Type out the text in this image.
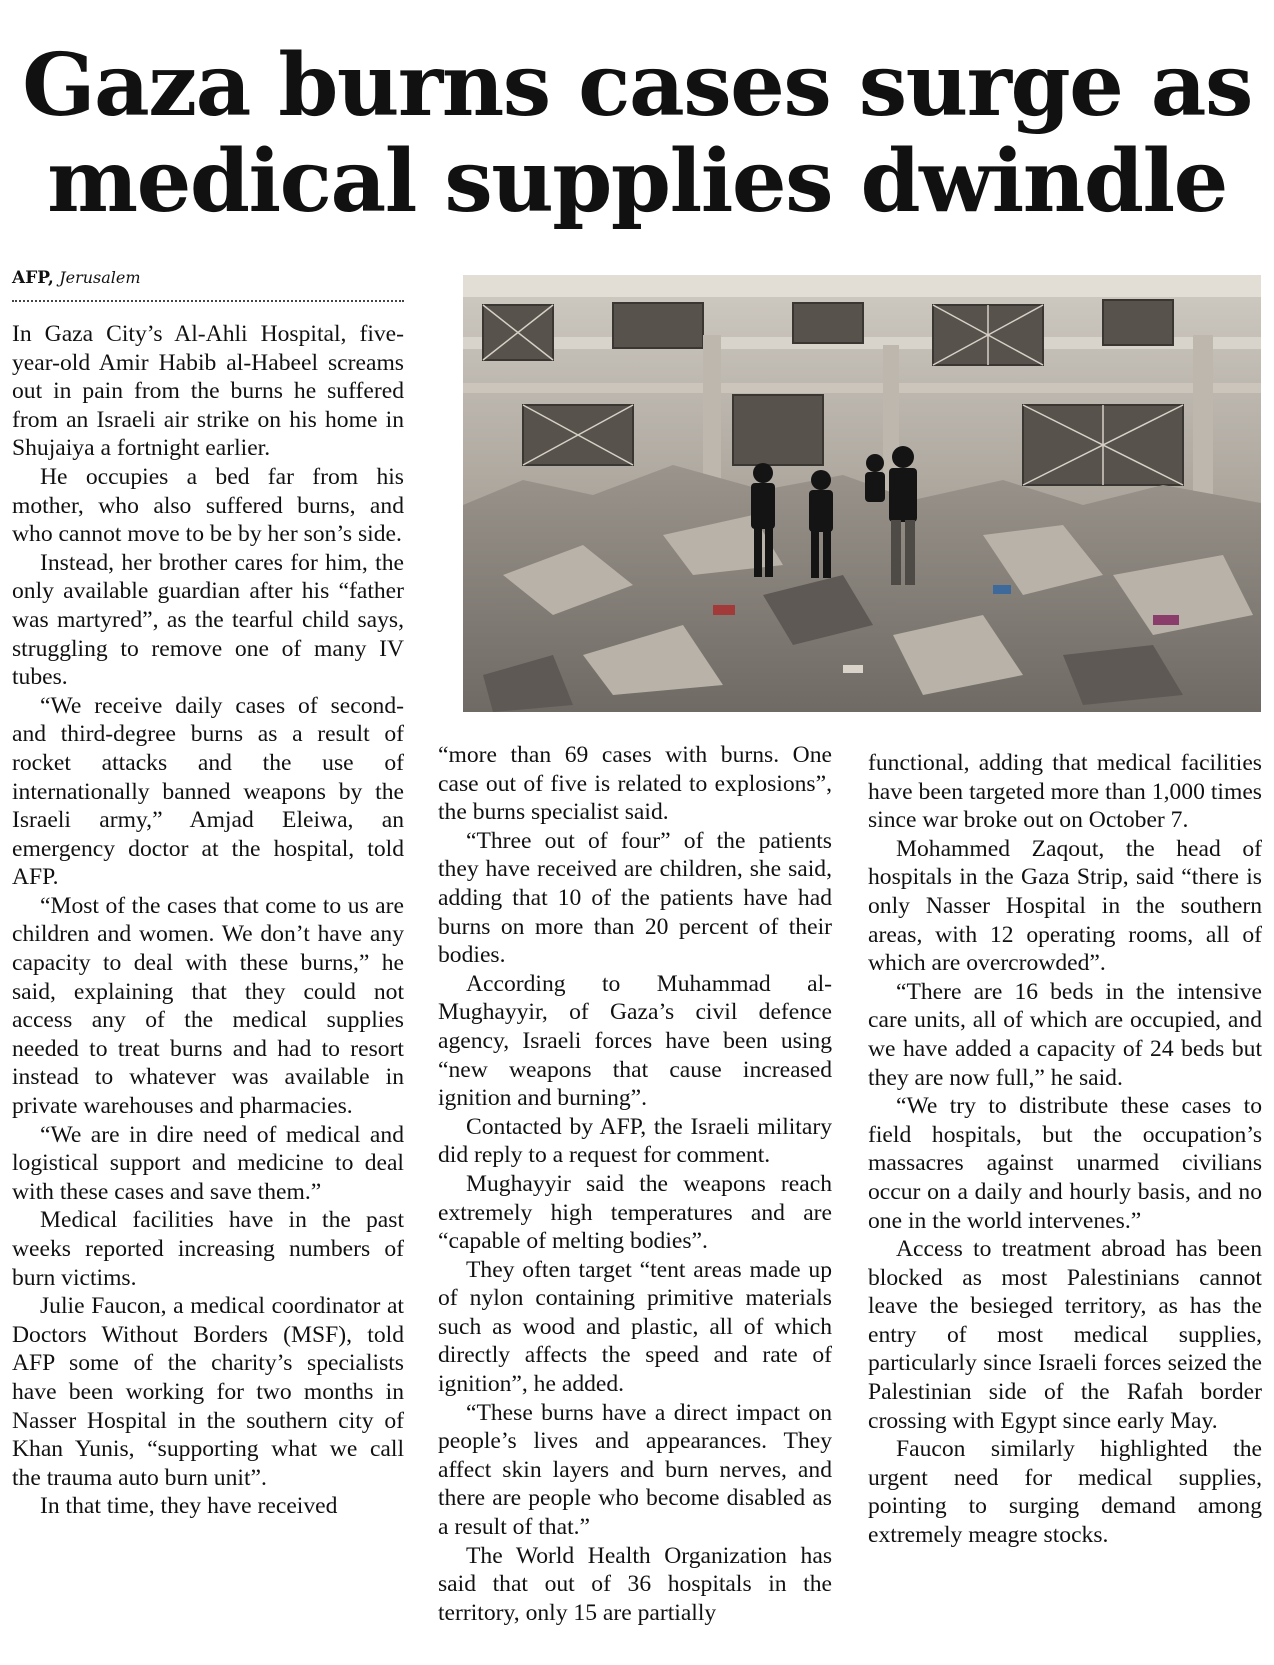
Gaza burns cases surge as
medical supplies dwindle
AFP, Jerusalem

In Gaza City’s Al-Ahli Hospital, five-year-old Amir Habib al-Habeel screams out in pain from the burns he suffered from an Israeli air strike on his home in Shujaiya a fortnight earlier.

He occupies a bed far from his mother, who also suffered burns, and who cannot move to be by her son’s side.

Instead, her brother cares for him, the only available guardian after his “father was martyred”, as the tearful child says, struggling to remove one of many IV tubes.

“We receive daily cases of second- and third-degree burns as a result of rocket attacks and the use of internationally banned weapons by the Israeli army,” Amjad Eleiwa, an emergency doctor at the hospital, told AFP.

“Most of the cases that come to us are children and women. We don’t have any capacity to deal with these burns,” he said, explaining that they could not access any of the medical supplies needed to treat burns and had to resort instead to whatever was available in private warehouses and pharmacies.

“We are in dire need of medical and logistical support and medicine to deal with these cases and save them.”

Medical facilities have in the past weeks reported increasing numbers of burn victims.

Julie Faucon, a medical coordinator at Doctors Without Borders (MSF), told AFP some of the charity’s specialists have been working for two months in Nasser Hospital in the southern city of Khan Yunis, “supporting what we call the trauma auto burn unit”.

In that time, they have received

“more than 69 cases with burns. One case out of five is related to explosions”, the burns specialist said.

“Three out of four” of the patients they have received are children, she said, adding that 10 of the patients have had burns on more than 20 percent of their bodies.

According to Muhammad al-Mughayyir, of Gaza’s civil defence agency, Israeli forces have been using “new weapons that cause increased ignition and burning”.

Contacted by AFP, the Israeli military did reply to a request for comment.

Mughayyir said the weapons reach extremely high temperatures and are “capable of melting bodies”.

They often target “tent areas made up of nylon containing primitive materials such as wood and plastic, all of which directly affects the speed and rate of ignition”, he added.

“These burns have a direct impact on people’s lives and appearances. They affect skin layers and burn nerves, and there are people who become disabled as a result of that.”

The World Health Organization has said that out of 36 hospitals in the territory, only 15 are partially

functional, adding that medical facilities have been targeted more than 1,000 times since war broke out on October 7.

Mohammed Zaqout, the head of hospitals in the Gaza Strip, said “there is only Nasser Hospital in the southern areas, with 12 operating rooms, all of which are overcrowded”.

“There are 16 beds in the intensive care units, all of which are occupied, and we have added a capacity of 24 beds but they are now full,” he said.

“We try to distribute these cases to field hospitals, but the occupation’s massacres against unarmed civilians occur on a daily and hourly basis, and no one in the world intervenes.”

Access to treatment abroad has been blocked as most Palestinians cannot leave the besieged territory, as has the entry of most medical supplies, particularly since Israeli forces seized the Palestinian side of the Rafah border crossing with Egypt since early May.

Faucon similarly highlighted the urgent need for medical supplies, pointing to surging demand among extremely meagre stocks.
